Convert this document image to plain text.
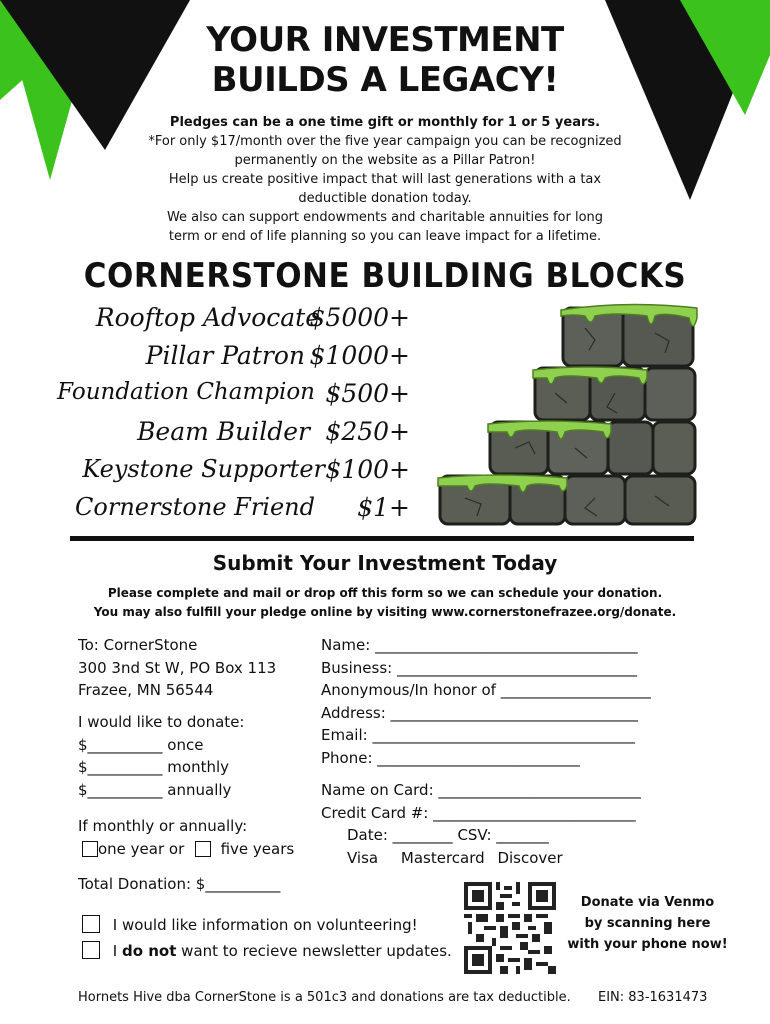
YOUR INVESTMENT
BUILDS A LEGACY!
Pledges can be a one time gift or monthly for 1 or 5 years.
*For only $17/month over the five year campaign you can be recognized
permanently on the website as a Pillar Patron!
Help us create positive impact that will last generations with a tax
deductible donation today.
We also can support endowments and charitable annuities for long
term or end of life planning so you can leave impact for a lifetime.
CORNERSTONE BUILDING BLOCKS
Rooftop Advocate
$5000+
Pillar Patron $1000+
Foundation Champion $500+
Beam Builder $250+
Keystone Supporter $100+
Cornerstone Friend $1+
Submit Your Investment Today
Please complete and mail or drop off this form so we can schedule your donation.
You may also fulfill your pledge online by visiting www.cornerstonefrazee.org/donate.
To: CornerStone
300 3nd St W, PO Box 113
Frazee, MN 56544
I would like to donate:
$__________ once
$__________ monthly
$__________ annually
If monthly or annually:
one year or five years
Total Donation: $__________
Name: ___________________________________
Business: ________________________________
Anonymous/In honor of ____________________
Address: _________________________________
Email: ___________________________________
Phone: ___________________________
Name on Card: ___________________________
Credit Card #: ___________________________
Date: ________ CSV: _______
Visa Mastercard Discover
I would like information on volunteering!
I do not want to recieve newsletter updates.
Donate via Venmo
by scanning here
with your phone now!
Hornets Hive dba CornerStone is a 501c3 and donations are tax deductible. EIN: 83-1631473
